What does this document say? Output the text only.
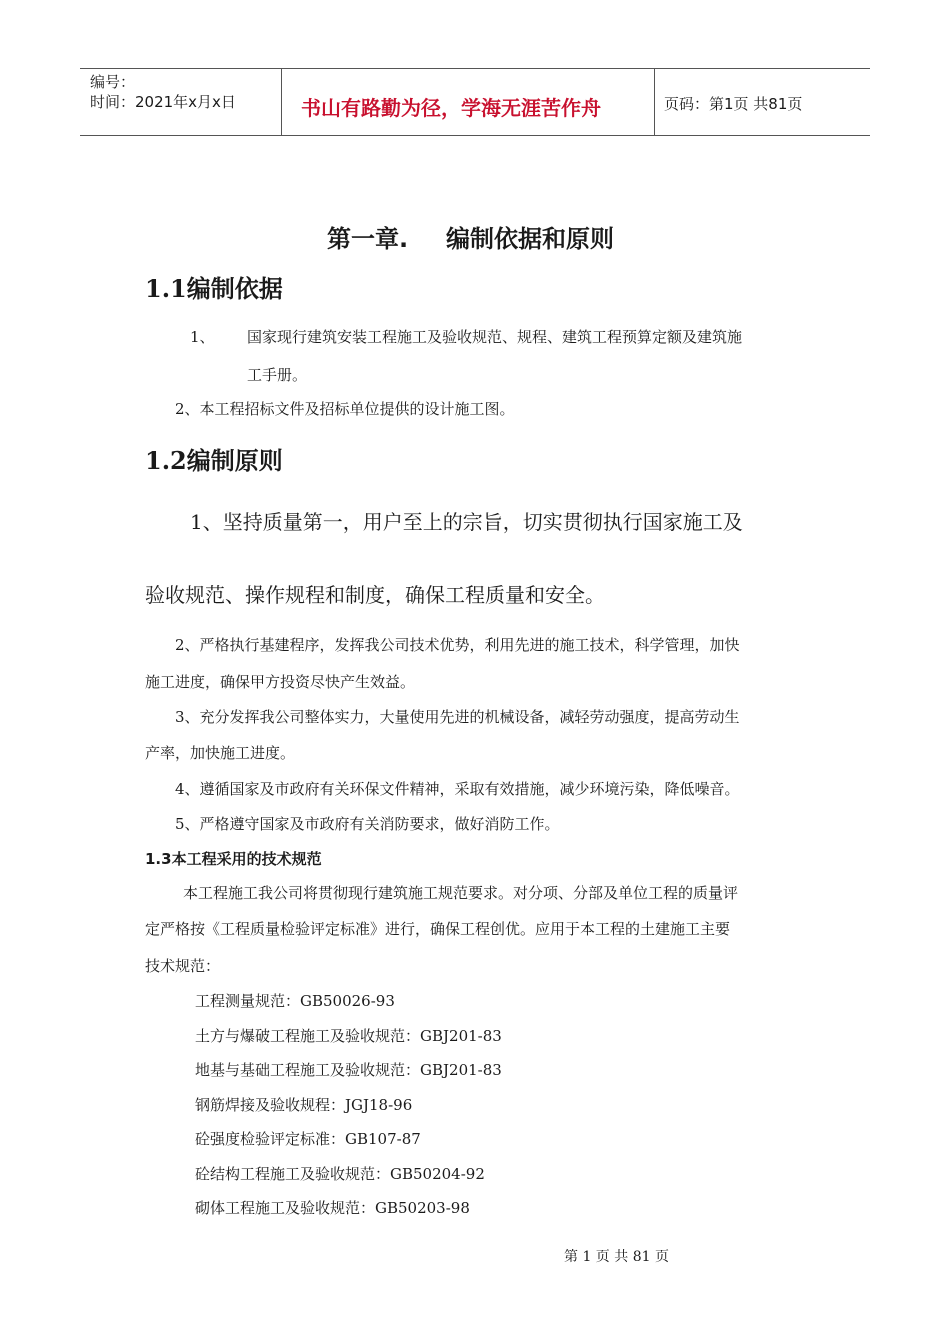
编号：
时间：2021年x月x日	书山有路勤为径，学海无涯苦作舟	页码：第1页 共81页
第一章. 编制依据和原则
1.1编制依据
1、 国家现行建筑安装工程施工及验收规范、规程、建筑工程预算定额及建筑施
工手册。
2、本工程招标文件及招标单位提供的设计施工图。
1.2编制原则
1、坚持质量第一，用户至上的宗旨，切实贯彻执行国家施工及
验收规范、操作规程和制度，确保工程质量和安全。
2、严格执行基建程序，发挥我公司技术优势，利用先进的施工技术，科学管理，加快
施工进度，确保甲方投资尽快产生效益。
3、充分发挥我公司整体实力，大量使用先进的机械设备，减轻劳动强度，提高劳动生
产率，加快施工进度。
4、遵循国家及市政府有关环保文件精神，采取有效措施，减少环境污染，降低噪音。
5、严格遵守国家及市政府有关消防要求，做好消防工作。
1.3本工程采用的技术规范
本工程施工我公司将贯彻现行建筑施工规范要求。对分项、分部及单位工程的质量评
定严格按《工程质量检验评定标准》进行，确保工程创优。应用于本工程的土建施工主要
技术规范：
工程测量规范：GB50026-93
土方与爆破工程施工及验收规范：GBJ201-83
地基与基础工程施工及验收规范：GBJ201-83
钢筋焊接及验收规程：JGJ18-96
砼强度检验评定标准：GB107-87
砼结构工程施工及验收规范：GB50204-92
砌体工程施工及验收规范：GB50203-98
第 1 页 共 81 页
